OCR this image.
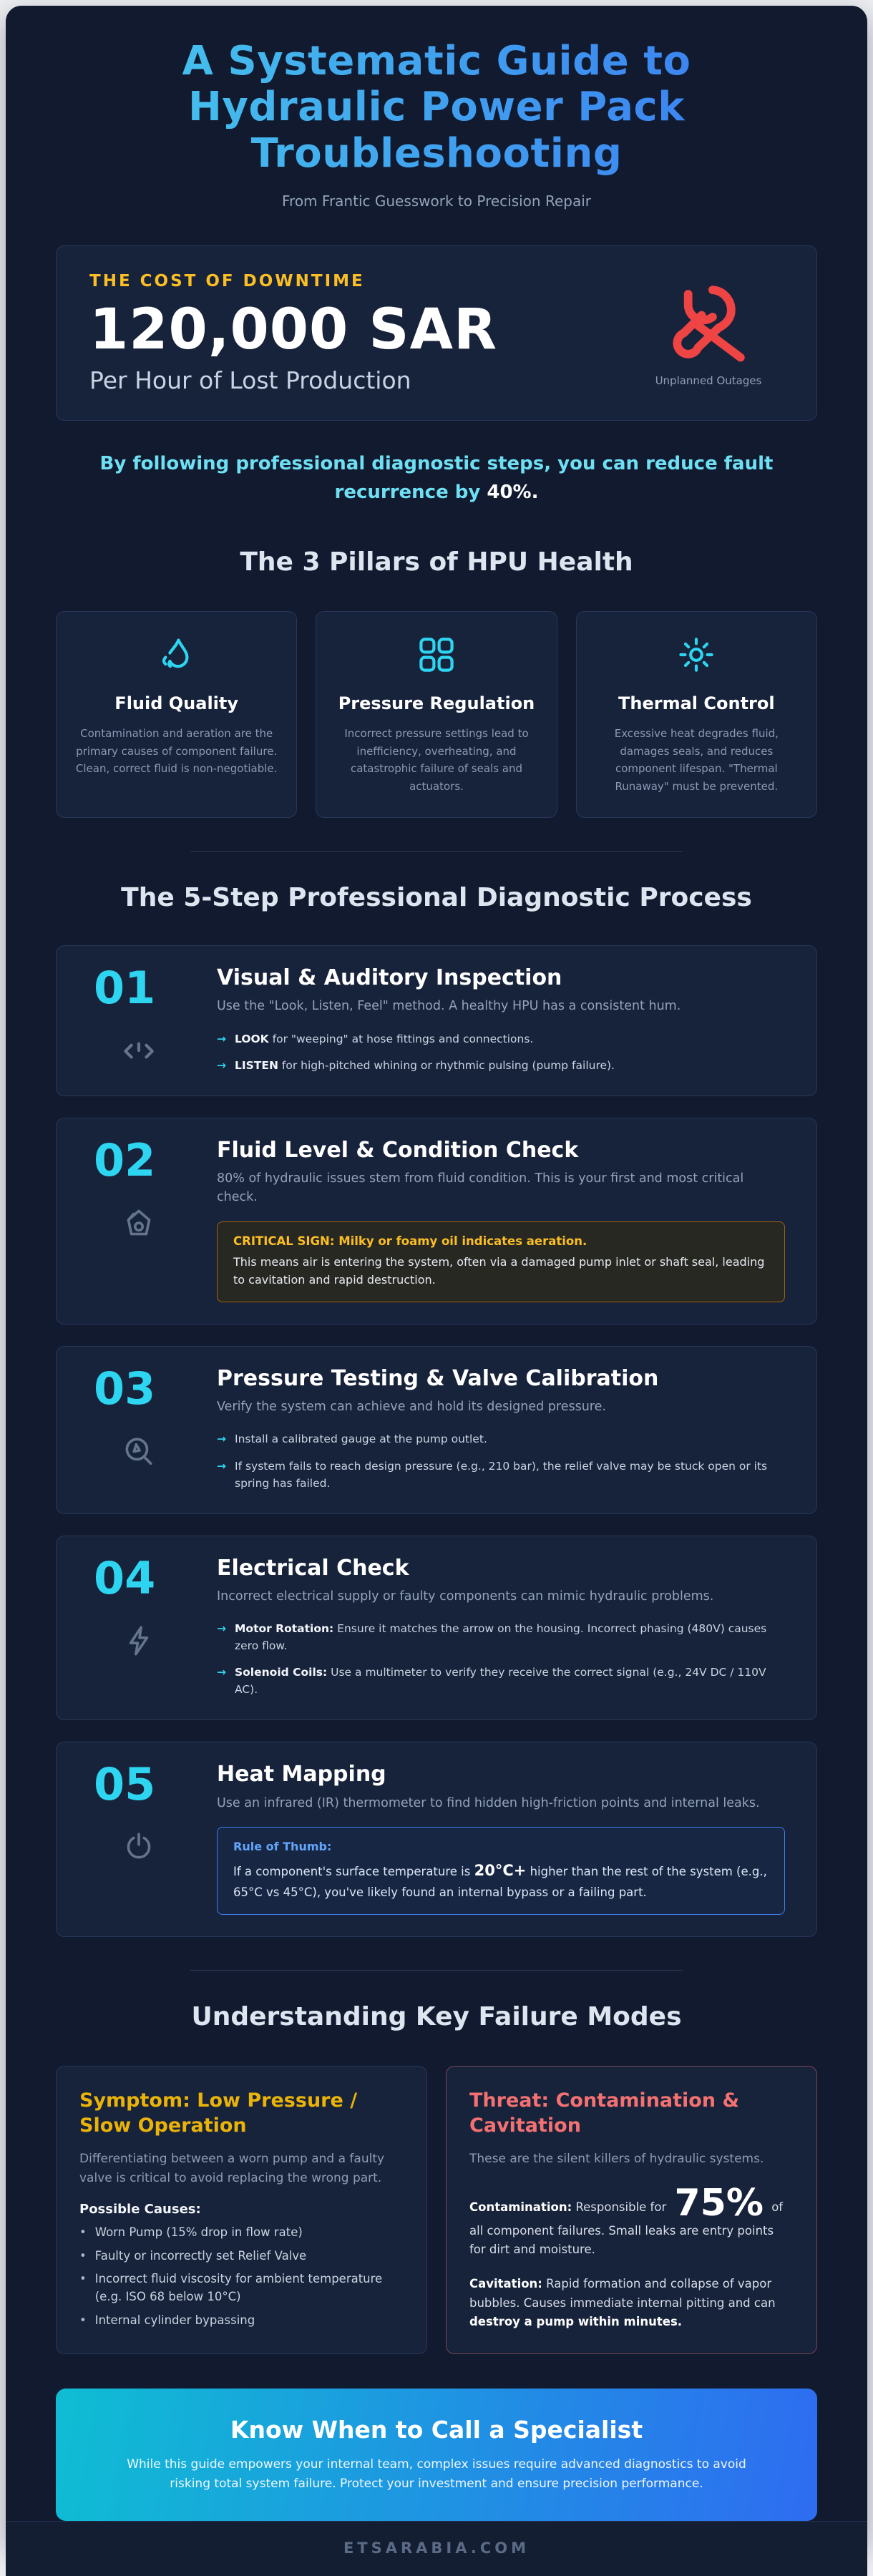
A Systematic Guide to
Hydraulic Power Pack
Troubleshooting

From Frantic Guesswork to Precision Repair

THE COST OF DOWNTIME
120,000 SAR
Per Hour of Lost Production	Unplanned Outages

By following professional diagnostic steps, you can reduce fault recurrence by 40%.

The 3 Pillars of HPU Health
Fluid Quality

Contamination and aeration are the primary causes of component failure. Clean, correct fluid is non-negotiable.

Pressure Regulation

Incorrect pressure settings lead to inefficiency, overheating, and catastrophic failure of seals and actuators.

Thermal Control

Excessive heat degrades fluid, damages seals, and reduces component lifespan. "Thermal Runaway" must be prevented.

The 5-Step Professional Diagnostic Process
01	Visual & Auditory Inspection

Use the "Look, Listen, Feel" method. A healthy HPU has a consistent hum.

→ LOOK for "weeping" at hose fittings and connections.

→ LISTEN for high-pitched whining or rhythmic pulsing (pump failure).

02	Fluid Level & Condition Check

80% of hydraulic issues stem from fluid condition. This is your first and most critical check.

CRITICAL SIGN: Milky or foamy oil indicates aeration.

This means air is entering the system, often via a damaged pump inlet or shaft seal, leading to cavitation and rapid destruction.

03	Pressure Testing & Valve Calibration

Verify the system can achieve and hold its designed pressure.

→ Install a calibrated gauge at the pump outlet.

→ If system fails to reach design pressure (e.g., 210 bar), the relief valve may be stuck open or its spring has failed.

04	Electrical Check

Incorrect electrical supply or faulty components can mimic hydraulic problems.

→ Motor Rotation: Ensure it matches the arrow on the housing. Incorrect phasing (480V) causes zero flow.

→ Solenoid Coils: Use a multimeter to verify they receive the correct signal (e.g., 24V DC / 110V AC).

05	Heat Mapping

Use an infrared (IR) thermometer to find hidden high-friction points and internal leaks.

Rule of Thumb:

If a component's surface temperature is 20°C+ higher than the rest of the system (e.g., 65°C vs 45°C), you've likely found an internal bypass or a failing part.

Understanding Key Failure Modes
Symptom: Low Pressure / Slow Operation

Differentiating between a worn pump and a faulty valve is critical to avoid replacing the wrong part.

Possible Causes:

• Worn Pump (15% drop in flow rate)
• Faulty or incorrectly set Relief Valve
• Incorrect fluid viscosity for ambient temperature (e.g. ISO 68 below 10°C)
• Internal cylinder bypassing
Threat: Contamination & Cavitation

These are the silent killers of hydraulic systems.

Contamination: Responsible for 75% of all component failures. Small leaks are entry points for dirt and moisture.

Cavitation: Rapid formation and collapse of vapor bubbles. Causes immediate internal pitting and can destroy a pump within minutes.

Know When to Call a Specialist

While this guide empowers your internal team, complex issues require advanced diagnostics to avoid risking total system failure. Protect your investment and ensure precision performance.

ETSARABIA.COM
